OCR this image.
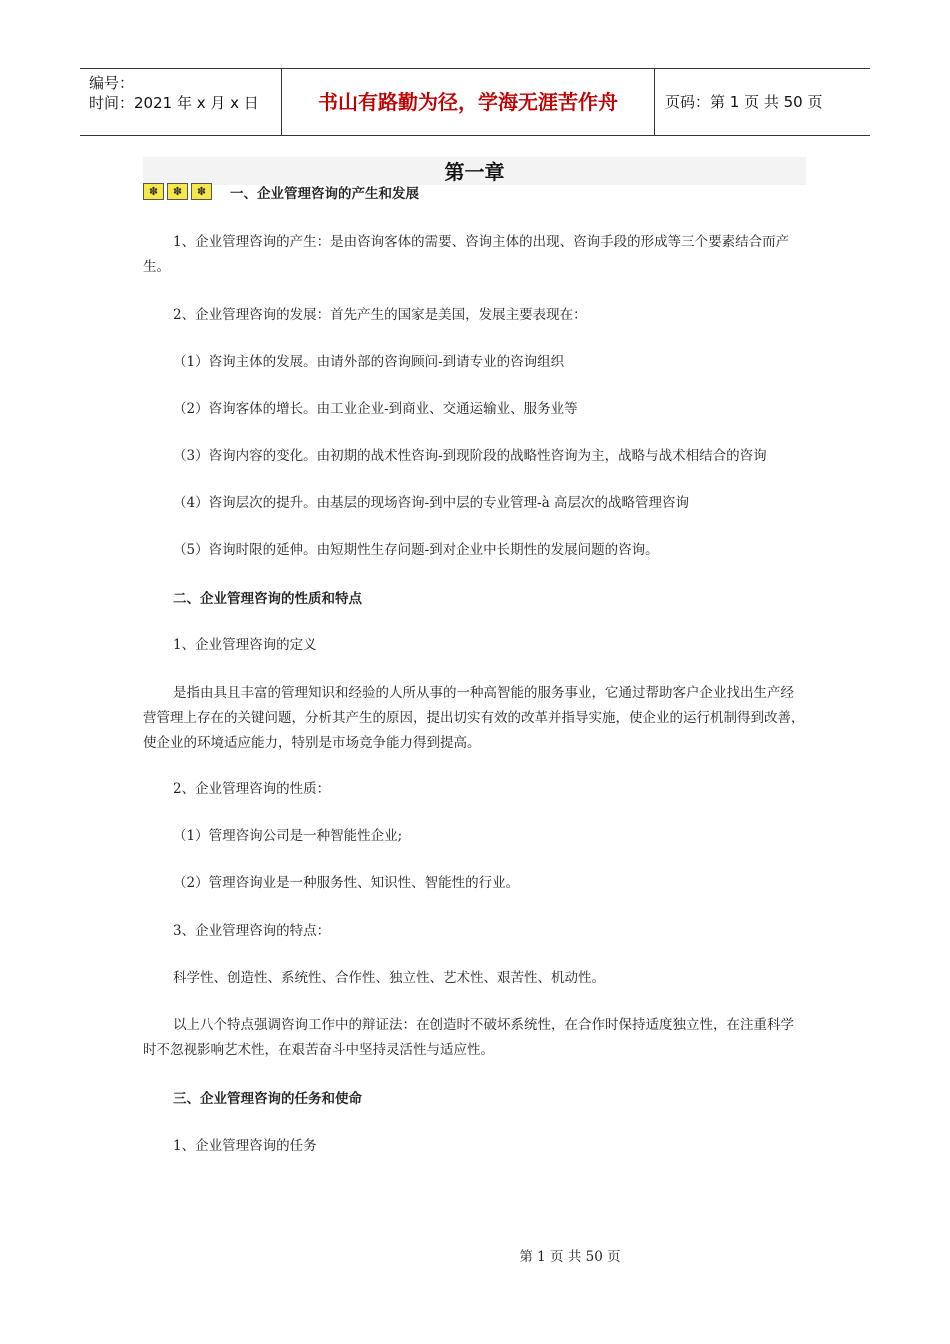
编号：
时间：2021 年 x 月 x 日	书山有路勤为径，学海无涯苦作舟	页码：第 1 页 共 50 页
第一章
✽	✽	✽	一、企业管理咨询的产生和发展
1、企业管理咨询的产生：是由咨询客体的需要、咨询主体的出现、咨询手段的形成等三个要素结合而产生。
2、企业管理咨询的发展：首先产生的国家是美国，发展主要表现在：
（1）咨询主体的发展。由请外部的咨询顾问-到请专业的咨询组织
（2）咨询客体的增长。由工业企业-到商业、交通运输业、服务业等
（3）咨询内容的变化。由初期的战术性咨询-到现阶段的战略性咨询为主，战略与战术相结合的咨询
（4）咨询层次的提升。由基层的现场咨询-到中层的专业管理-à 高层次的战略管理咨询
（5）咨询时限的延伸。由短期性生存问题-到对企业中长期性的发展问题的咨询。
二、企业管理咨询的性质和特点
1、企业管理咨询的定义
是指由具且丰富的管理知识和经验的人所从事的一种高智能的服务事业，它通过帮助客户企业找出生产经营管理上存在的关键问题，分析其产生的原因，提出切实有效的改革并指导实施，使企业的运行机制得到改善，使企业的环境适应能力，特别是市场竞争能力得到提高。
2、企业管理咨询的性质：
（1）管理咨询公司是一种智能性企业;
（2）管理咨询业是一种服务性、知识性、智能性的行业。
3、企业管理咨询的特点：
科学性、创造性、系统性、合作性、独立性、艺术性、艰苦性、机动性。
以上八个特点强调咨询工作中的辩证法：在创造时不破坏系统性，在合作时保持适度独立性，在注重科学时不忽视影响艺术性，在艰苦奋斗中坚持灵活性与适应性。
三、企业管理咨询的任务和使命
1、企业管理咨询的任务
第 1 页 共 50 页
